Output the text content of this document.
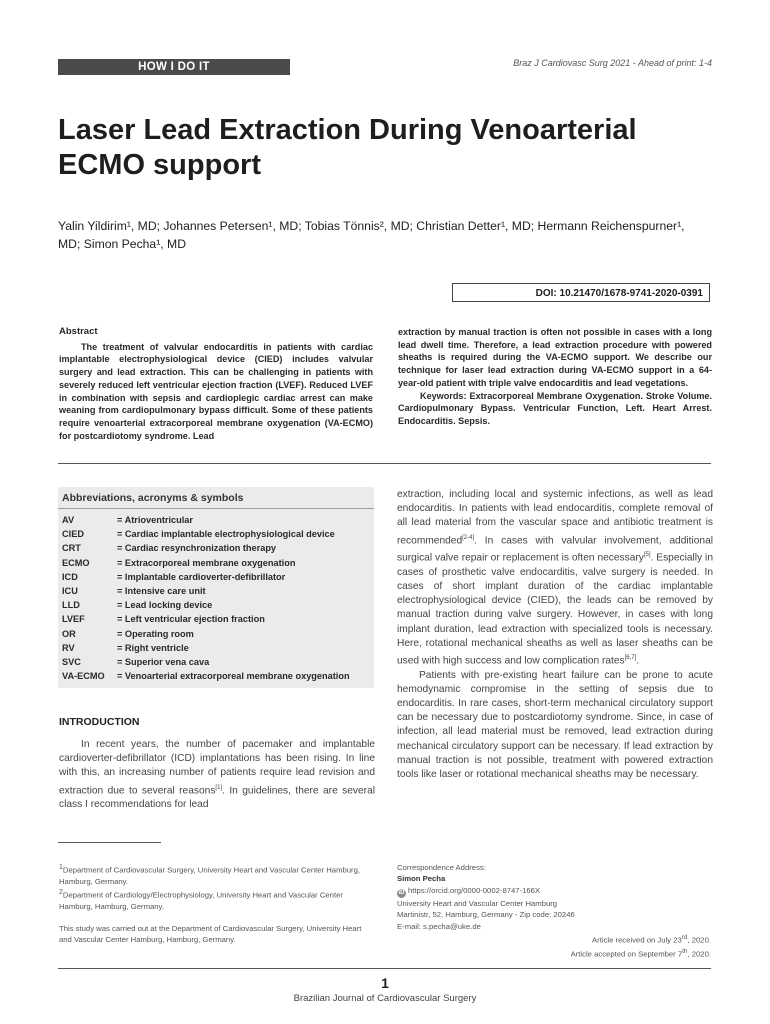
HOW I DO IT	Braz J Cardiovasc Surg 2021 - Ahead of print: 1-4
Laser Lead Extraction During Venoarterial ECMO support
Yalin Yildirim¹, MD; Johannes Petersen¹, MD; Tobias Tönnis², MD; Christian Detter¹, MD; Hermann Reichenspurner¹,
MD; Simon Pecha¹, MD
DOI: 10.21470/1678-9741-2020-0391
Abstract

The treatment of valvular endocarditis in patients with cardiac implantable electrophysiological device (CIED) includes valvular surgery and lead extraction. This can be challenging in patients with severely reduced left ventricular ejection fraction (LVEF). Reduced LVEF in combination with sepsis and cardioplegic cardiac arrest can make weaning from cardiopulmonary bypass difficult. Some of these patients require venoarterial extracorporeal membrane oxygenation (VA-ECMO) for postcardiotomy syndrome. Lead

extraction by manual traction is often not possible in cases with a long lead dwell time. Therefore, a lead extraction procedure with powered sheaths is required during the VA-ECMO support. We describe our technique for laser lead extraction during VA-ECMO support in a 64-year-old patient with triple valve endocarditis and lead vegetations.

Keywords: Extracorporeal Membrane Oxygenation. Stroke Volume. Cardiopulmonary Bypass. Ventricular Function, Left. Heart Arrest. Endocarditis. Sepsis.

Abbreviations, acronyms & symbols
AV	= Atrioventricular
CIED	= Cardiac implantable electrophysiological device
CRT	= Cardiac resynchronization therapy
ECMO	= Extracorporeal membrane oxygenation
ICD	= Implantable cardioverter-defibrillator
ICU	= Intensive care unit
LLD	= Lead locking device
LVEF	= Left ventricular ejection fraction
OR	= Operating room
RV	= Right ventricle
SVC	= Superior vena cava
VA-ECMO	= Venoarterial extracorporeal membrane oxygenation
INTRODUCTION

In recent years, the number of pacemaker and implantable cardioverter-defibrillator (ICD) implantations has been rising. In line with this, an increasing number of patients require lead revision and extraction due to several reasons[1]. In guidelines, there are several class I recommendations for lead

extraction, including local and systemic infections, as well as lead endocarditis. In patients with lead endocarditis, complete removal of all lead material from the vascular space and antibiotic treatment is recommended[2-4]. In cases with valvular involvement, additional surgical valve repair or replacement is often necessary[5]. Especially in cases of prosthetic valve endocarditis, valve surgery is needed. In cases of short implant duration of the cardiac implantable electrophysiological device (CIED), the leads can be removed by manual traction during valve surgery. However, in cases with long implant duration, lead extraction with specialized tools is necessary. Here, rotational mechanical sheaths as well as laser sheaths can be used with high success and low complication rates[6,7].

Patients with pre-existing heart failure can be prone to acute hemodynamic compromise in the setting of sepsis due to endocarditis. In rare cases, short-term mechanical circulatory support can be necessary due to postcardiotomy syndrome. Since, in case of infection, all lead material must be removed, lead extraction during mechanical circulatory support can be necessary. If lead extraction by manual traction is not possible, treatment with powered extraction tools like laser or rotational mechanical sheaths may be necessary.

$^1$Department of Cardiovascular Surgery, University Heart and Vascular Center Hamburg, Hamburg, Germany.

$^2$Department of Cardiology/Electrophysiology, University Heart and Vascular Center Hamburg, Hamburg, Germany.

This study was carried out at the Department of Cardiovascular Surgery, University Heart and Vascular Center Hamburg, Hamburg, Germany.

Correspondence Address:

Simon Pecha

iD https://orcid.org/0000-0002-8747-166X

University Heart and Vascular Center Hamburg

Martinistr, 52, Hamburg, Germany - Zip code: 20246

E-mail: s.pecha@uke.de

Article received on July 23rd, 2020.

Article accepted on September 7th, 2020.

1
Brazilian Journal of Cardiovascular Surgery
